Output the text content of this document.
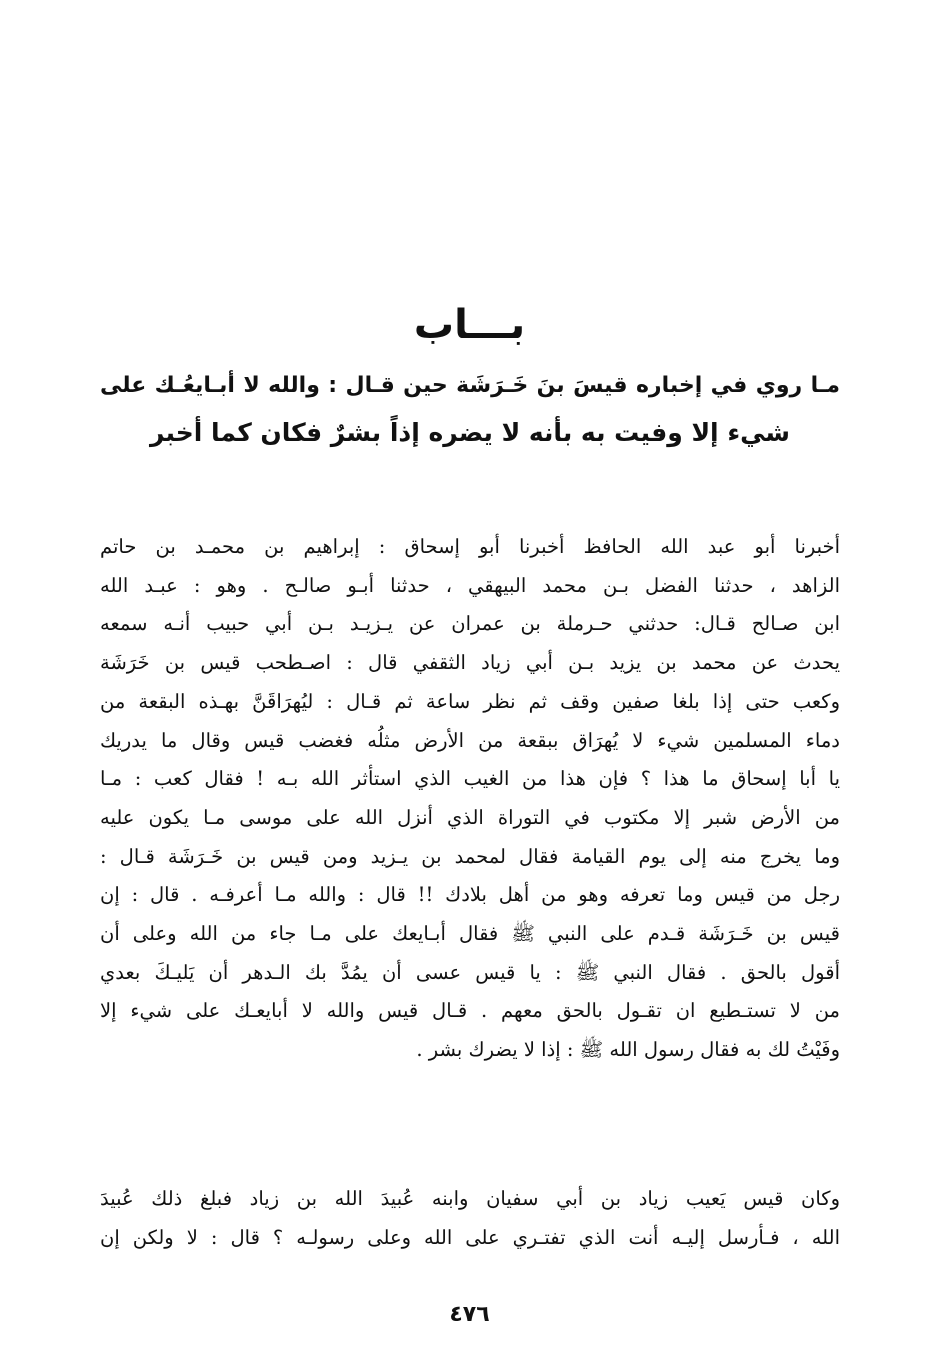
بـــاب
مـا روي في إخباره قيسَ بنَ خَـرَشَة حين قـال : والله لا أبـايعُـك على
شيء إلا وفيت به بأنه لا يضره إذاً بشرٌ فكان كما أخبر
أخبرنا أبو عبد الله الحافظ أخبرنا أبو إسحاق : إبراهيم بن محمـد بن حاتم
الزاهد ، حدثنا الفضل بـن محمد البيهقي ، حدثنا أبـو صالـح . وهو : عبـد الله
ابن صـالح قـال: حدثني حـرملة بن عمران عن يـزيـد بـن أبي حبيب أنـه سمعه
يحدث عن محمد بن يزيد بـن أبي زياد الثقفي قال : اصـطحب قيس بن خَرَشَة
وكعب حتى إذا بلغا صفين وقف ثم نظر ساعة ثم قـال : ليُهرَاقَنَّ بهـذه البقعة من
دماء المسلمين شيء لا يُهرَاق ببقعة من الأرض مثلُه فغضب قيس وقال ما يدريك
يا أبا إسحاق ما هذا ؟ فإن هذا من الغيب الذي استأثر الله بـه ! فقال كعب : مـا
من الأرض شبر إلا مكتوب في التوراة الذي أنزل الله على موسى مـا يكون عليه
وما يخرج منه إلى يوم القيامة فقال لمحمد بن يـزيد ومن قيس بن خَـرَشَة قـال :
رجل من قيس وما تعرفه وهو من أهل بلادك !! قال : والله مـا أعرفـه . قال : إن
قيس بن خَـرَشَة قـدم على النبي ﷺ فقال أبـايعك على مـا جاء من الله وعلى أن
أقول بالحق . فقال النبي ﷺ : يا قيس عسى أن يمُدَّ بك الـدهر أن يَليـكَ بعدي
من لا تستـطيع ان تقـول بالحق معهم . قـال قيس والله لا أبايعـك على شيء إلا
وفَيْتُ لك به فقال رسول الله ﷺ : إذا لا يضرك بشر .
وكان قيس يَعيب زياد بن أبي سفيان وابنه عُبيدَ الله بن زياد فبلغ ذلك عُبيدَ
الله ، فـأرسل إليـه أنت الذي تفتـري على الله وعلى رسولـه ؟ قال : لا ولكن إن
٤٧٦
